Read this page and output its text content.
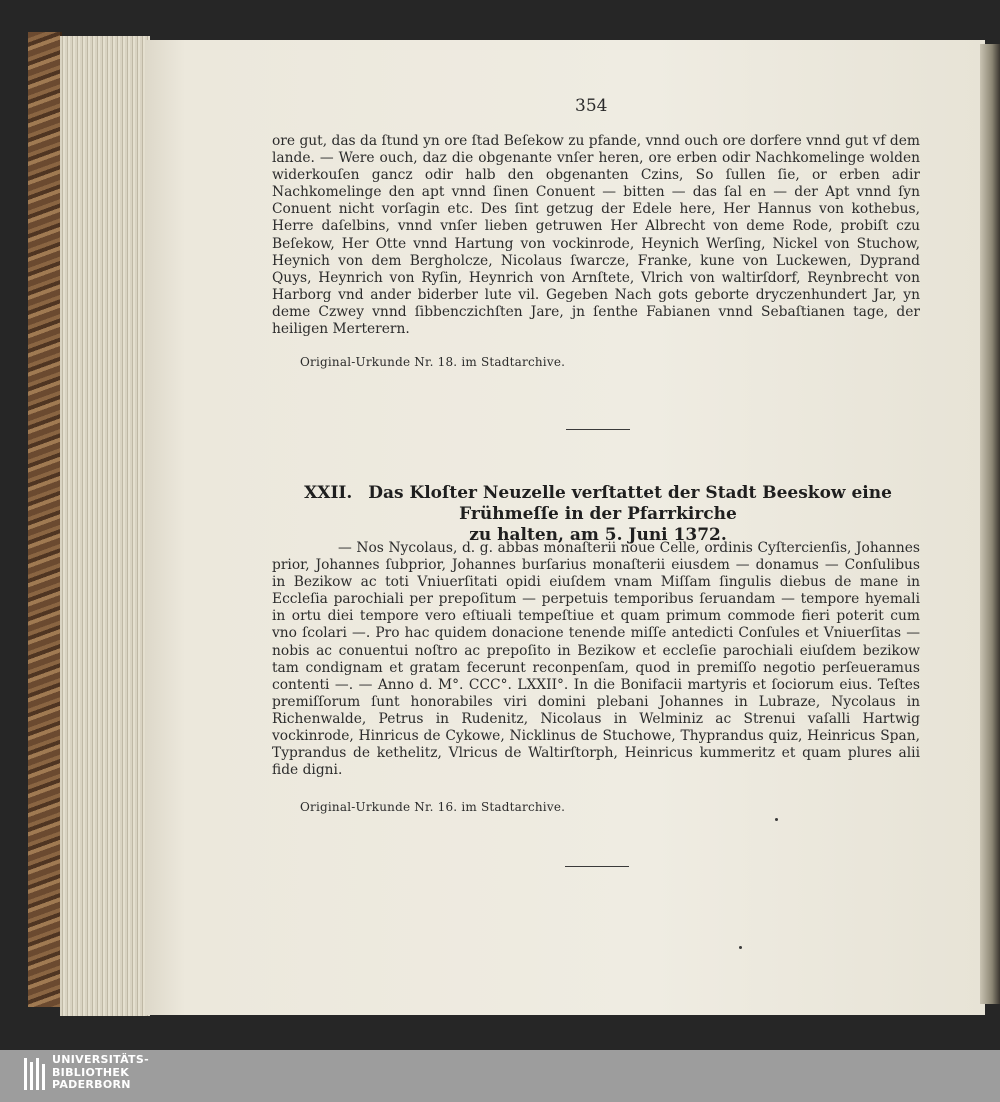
354

ore gut, das da ſtund yn ore ſtad Beſekow zu pfande, vnnd ouch ore dorfere vnnd gut vf dem lande. — Were ouch, daz die obgenante vnſer heren, ore erben odir Nachkomelinge wolden widerkouſen gancz odir halb den obgenanten Czins, So ſullen ſie, or erben adir Nachkomelinge den apt vnnd ſinen Conuent — bitten — das ſal en — der Apt vnnd ſyn Conuent nicht vorſagin etc. Des ſint getzug der Edele here, Her Hannus von kothebus, Herre daſelbins, vnnd vnſer lieben getruwen Her Albrecht von deme Rode, probiſt czu Beſekow, Her Otte vnnd Hartung von vockinrode, Heynich Werſing, Nickel von Stuchow, Heynich von dem Bergholcze, Nicolaus ſwarcze, Franke, kune von Luckewen, Dyprand Quys, Heynrich von Ryſin, Heynrich von Arnſtete, Vlrich von waltirſdorf, Reynbrecht von Harborg vnd ander biderber lute vil. Gegeben Nach gots geborte dryczenhundert Jar, yn deme Czwey vnnd ſibbenczichſten Jare, jn ſenthe Fabianen vnnd Sebaſtianen tage, der heiligen Merterern.

Original‑Urkunde Nr. 18. im Stadtarchive.
XXII. Das Kloſter Neuzelle verſtattet der Stadt Beeskow eine Frühmeſſe in der Pfarrkirche
zu halten, am 5. Juni 1372.

— Nos Nycolaus, d. g. abbas monaſterii noue Celle, ordinis Cyſtercienſis, Johannes prior, Johannes ſubprior, Johannes burſarius monaſterii eiusdem — donamus — Conſulibus in Bezikow ac toti Vniuerſitati opidi eiuſdem vnam Miſſam ſingulis diebus de mane in Eccleſia parochiali per prepoſitum — perpetuis temporibus ſeruandam — tempore hyemali in ortu diei tempore vero eſtiuali tempeſtiue et quam primum commode fieri poterit cum vno ſcolari —. Pro hac quidem donacione tenende miſſe antedicti Conſules et Vniuerſitas — nobis ac conuentui noſtro ac prepoſito in Bezikow et eccleſie parochiali eiuſdem bezikow tam condignam et gratam fecerunt reconpenſam, quod in premiſſo negotio perſeueramus contenti —. — Anno d. M°. CCC°. LXXII°. In die Bonifacii martyris et ſociorum eius. Teſtes premiſſorum ſunt honorabiles viri domini plebani Johannes in Lubraze, Nycolaus in Richenwalde, Petrus in Rudenitz, Nicolaus in Welminiz ac Strenui vaſalli Hartwig vockinrode, Hinricus de Cykowe, Nicklinus de Stuchowe, Thyprandus quiz, Heinricus Span, Typrandus de kethelitz, Vlricus de Waltirſtorph, Heinricus kummeritz et quam plures alii fide digni.

Original‑Urkunde Nr. 16. im Stadtarchive.
UNIVERSITÄTS-
BIBLIOTHEK
PADERBORN
